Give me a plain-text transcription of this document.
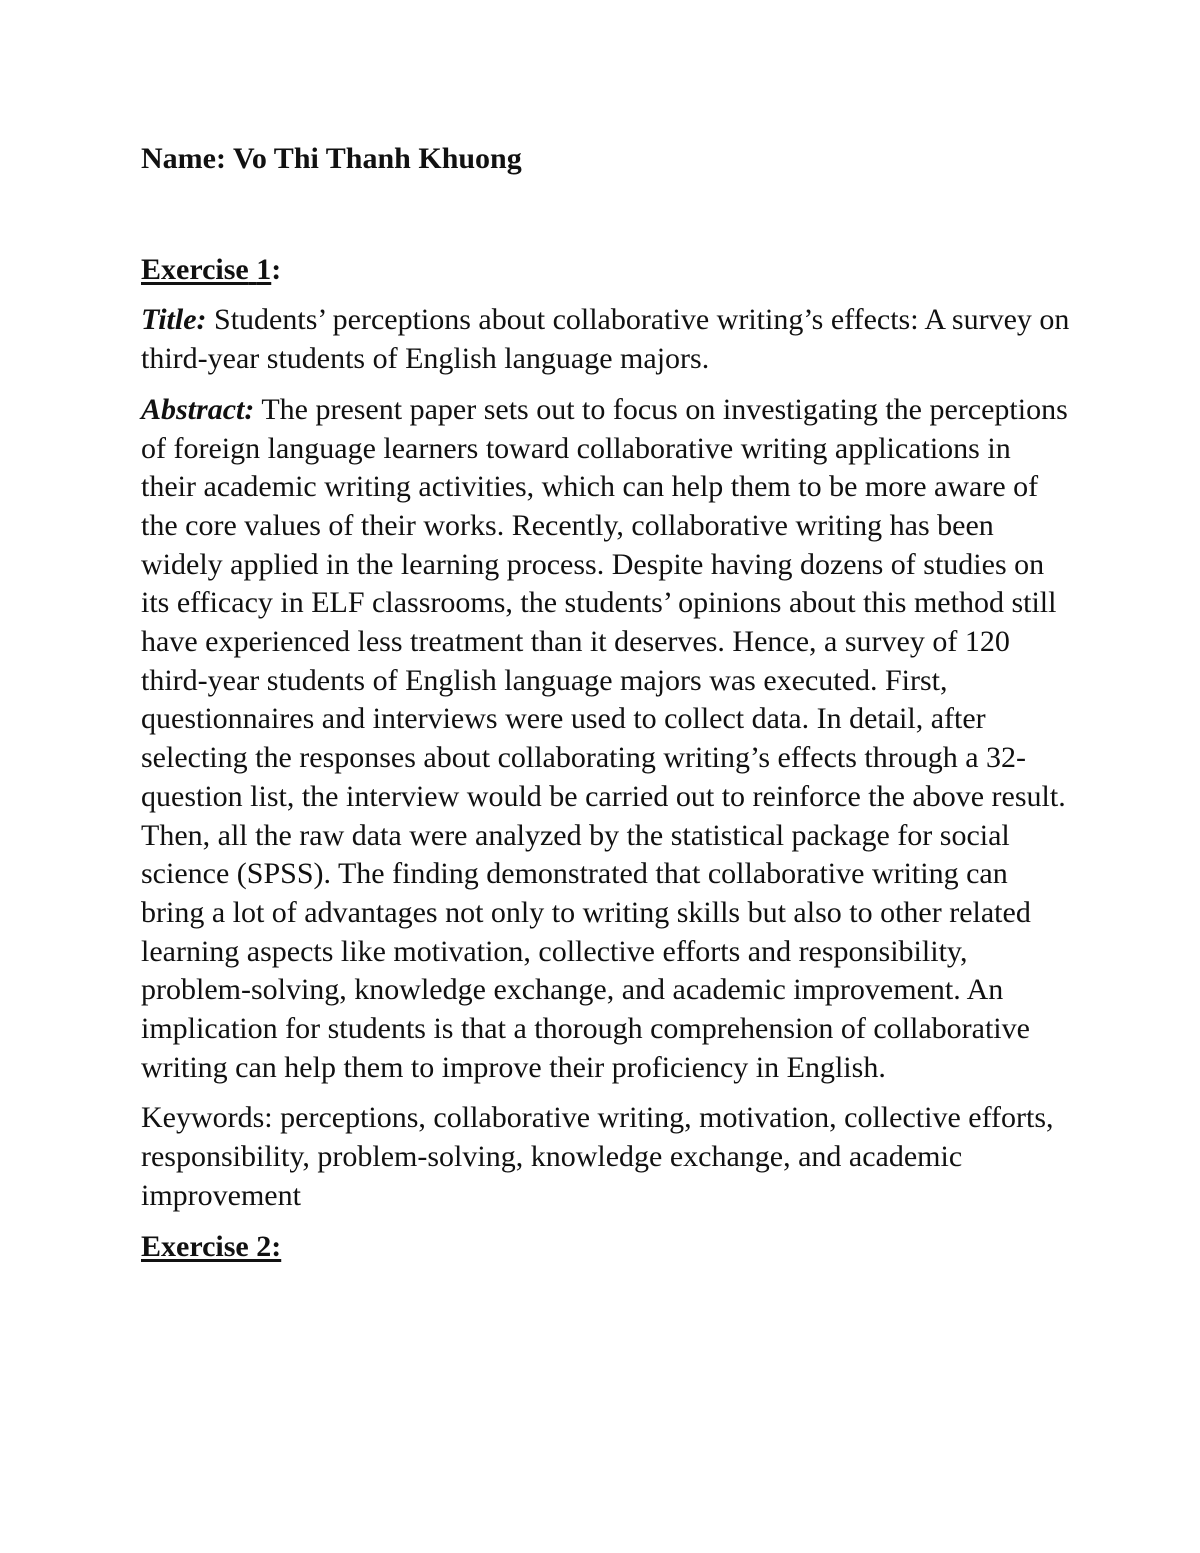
Name: Vo Thi Thanh Khuong

Exercise 1:

Title: Students’ perceptions about collaborative writing’s effects: A survey on third-year students of English language majors.

Abstract: The present paper sets out to focus on investigating the perceptions of foreign language learners toward collaborative writing applications in their academic writing activities, which can help them to be more aware of the core values of their works. Recently, collaborative writing has been widely applied in the learning process. Despite having dozens of studies on its efficacy in ELF classrooms, the students’ opinions about this method still have experienced less treatment than it deserves. Hence, a survey of 120 third-year students of English language majors was executed. First, questionnaires and interviews were used to collect data. In detail, after selecting the responses about collaborating writing’s effects through a 32-question list, the interview would be carried out to reinforce the above result. Then, all the raw data were analyzed by the statistical package for social science (SPSS). The finding demonstrated that collaborative writing can bring a lot of advantages not only to writing skills but also to other related learning aspects like motivation, collective efforts and responsibility, problem-solving, knowledge exchange, and academic improvement. An implication for students is that a thorough comprehension of collaborative writing can help them to improve their proficiency in English.

Keywords: perceptions, collaborative writing, motivation, collective efforts, responsibility, problem-solving, knowledge exchange, and academic improvement

Exercise 2:
